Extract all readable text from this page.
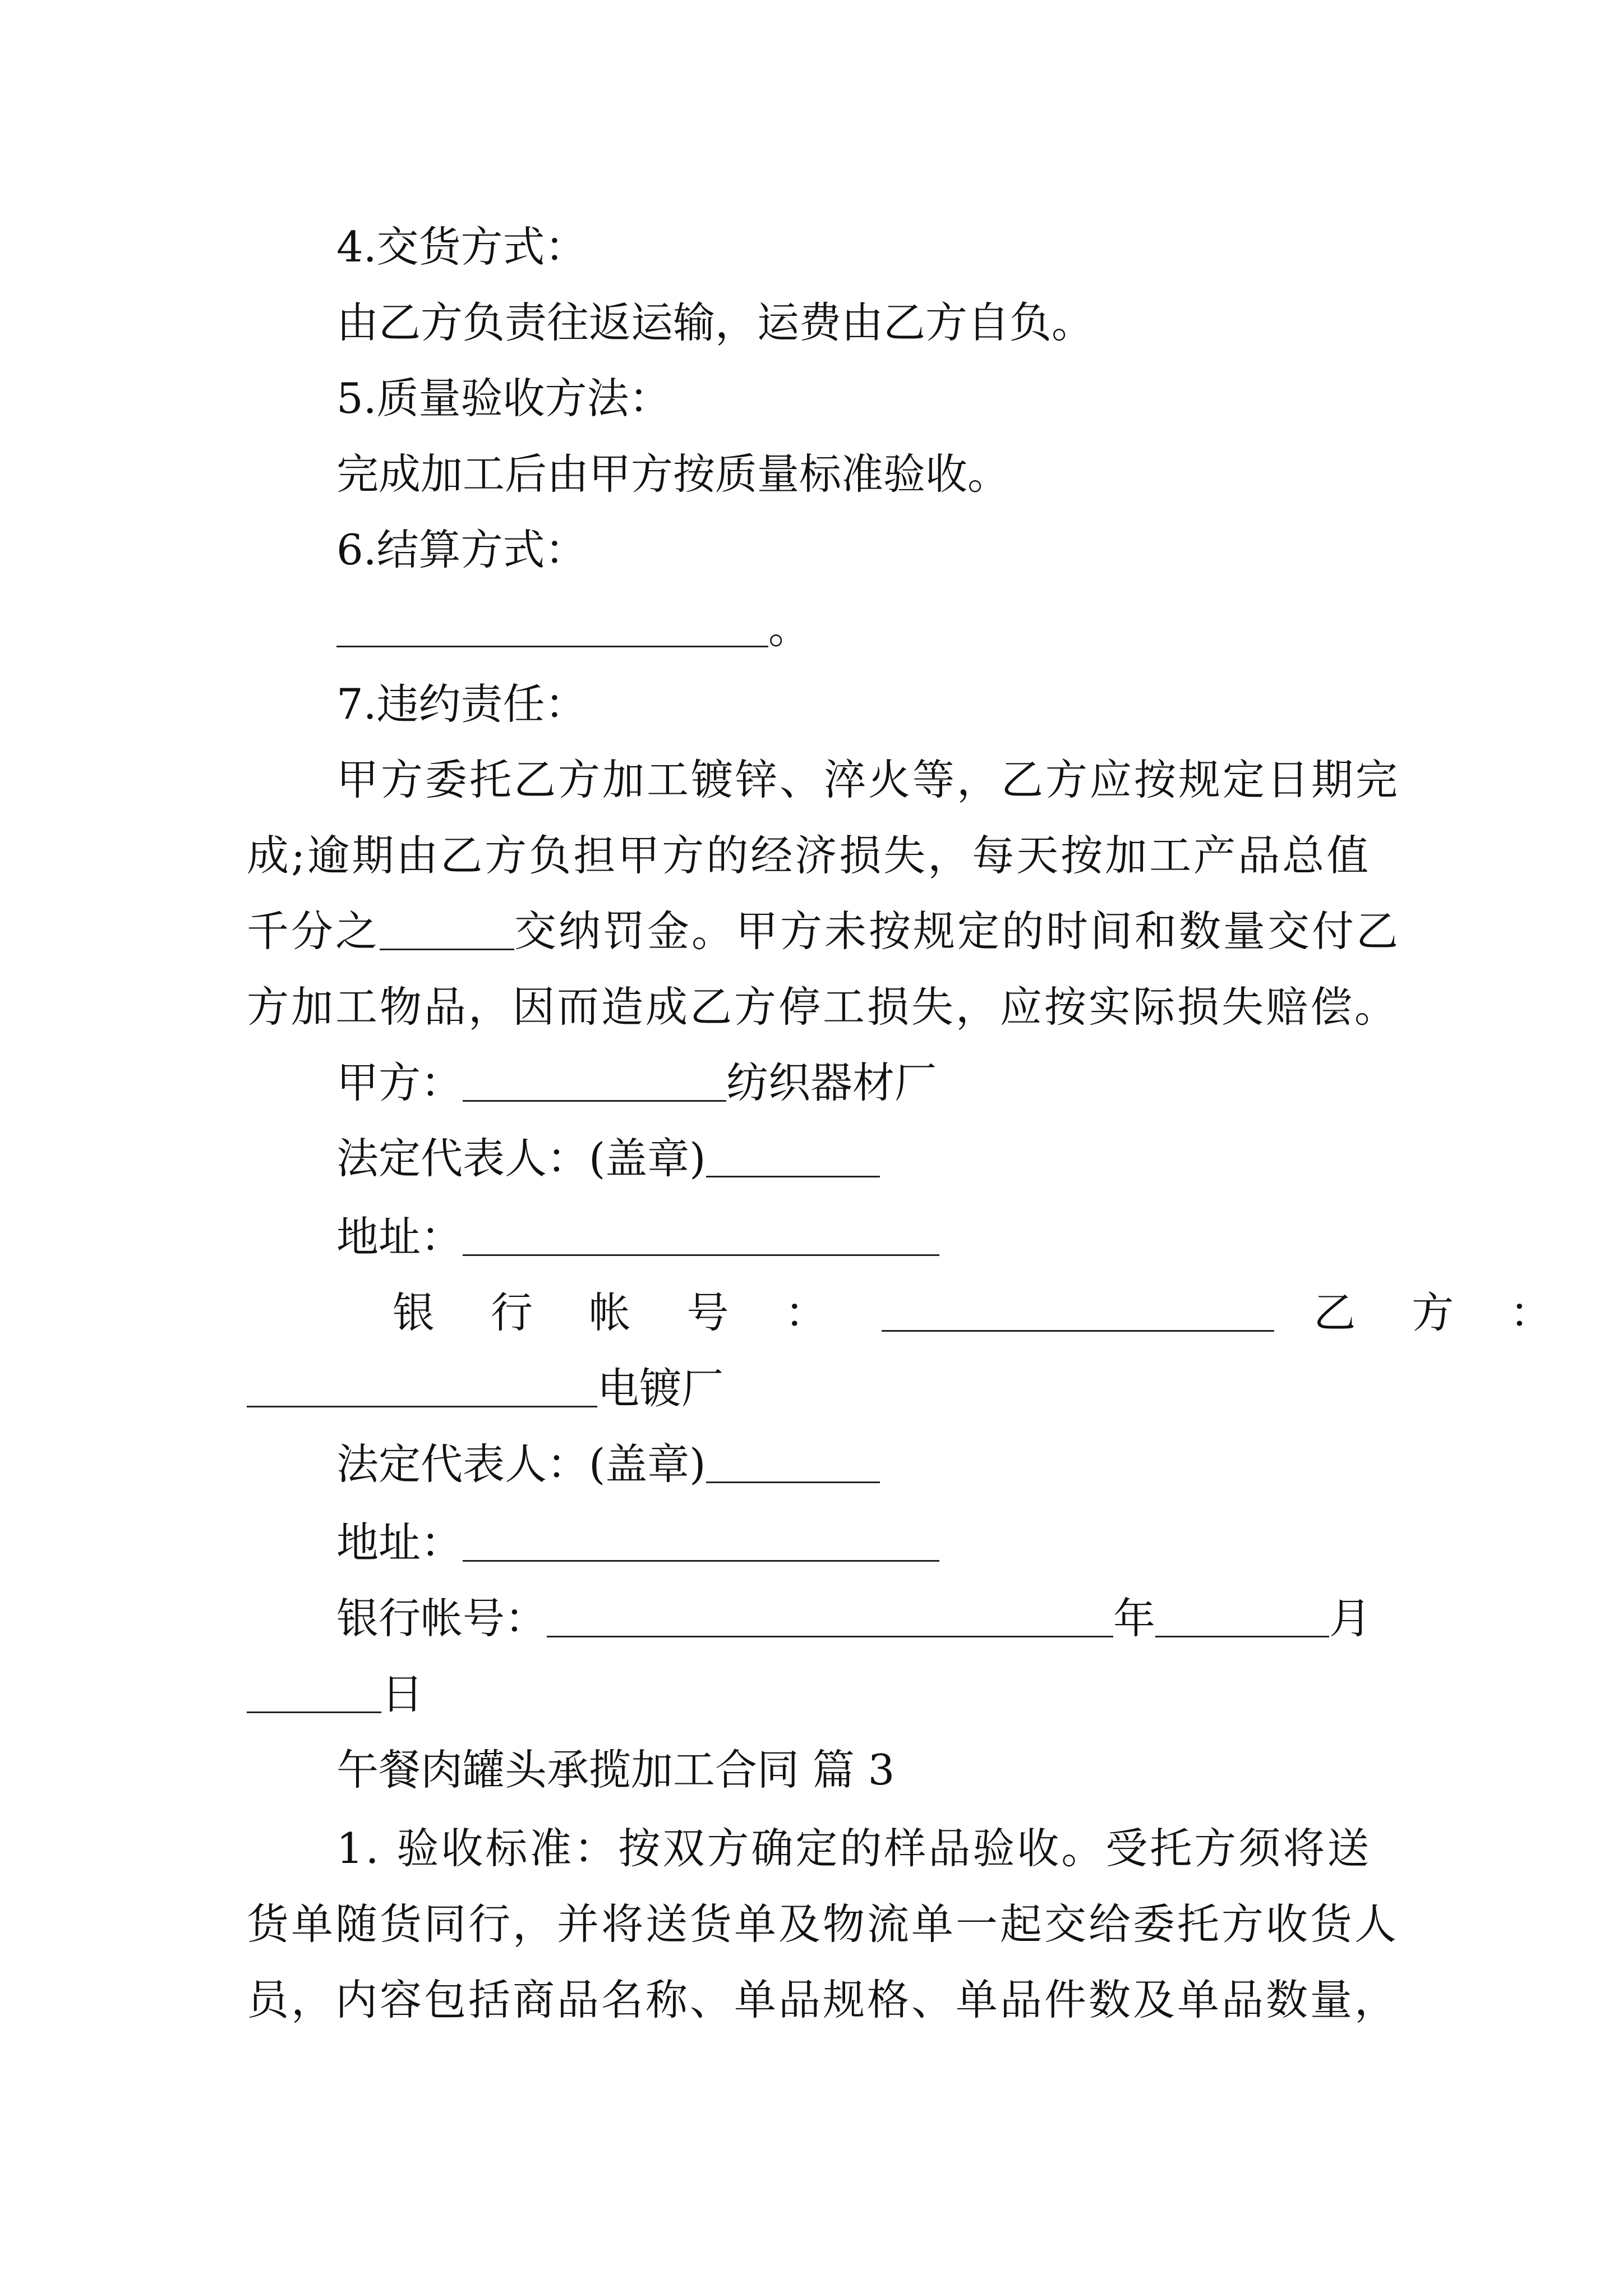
4.交货方式：
由乙方负责往返运输，运费由乙方自负。
5.质量验收方法：
完成加工后由甲方按质量标准验收。
6.结算方式：
。
7.违约责任：
甲方委托乙方加工镀锌、淬火等，乙方应按规定日期完
成;逾期由乙方负担甲方的经济损失，每天按加工产品总值
千分之	交纳罚金。甲方未按规定的时间和数量交付乙
方加工物品，因而造成乙方停工损失，应按实际损失赔偿。
甲方：	纺织器材厂
法定代表人：(盖章)
地址：
银 行 帐 号 ：	乙 方 ：
电镀厂
法定代表人：(盖章)
地址：
银行帐号：	年	月
日
午餐肉罐头承揽加工合同 篇 3
1. 验收标准：按双方确定的样品验收。受托方须将送
货单随货同行，并将送货单及物流单一起交给委托方收货人
员，内容包括商品名称、单品规格、单品件数及单品数量，
